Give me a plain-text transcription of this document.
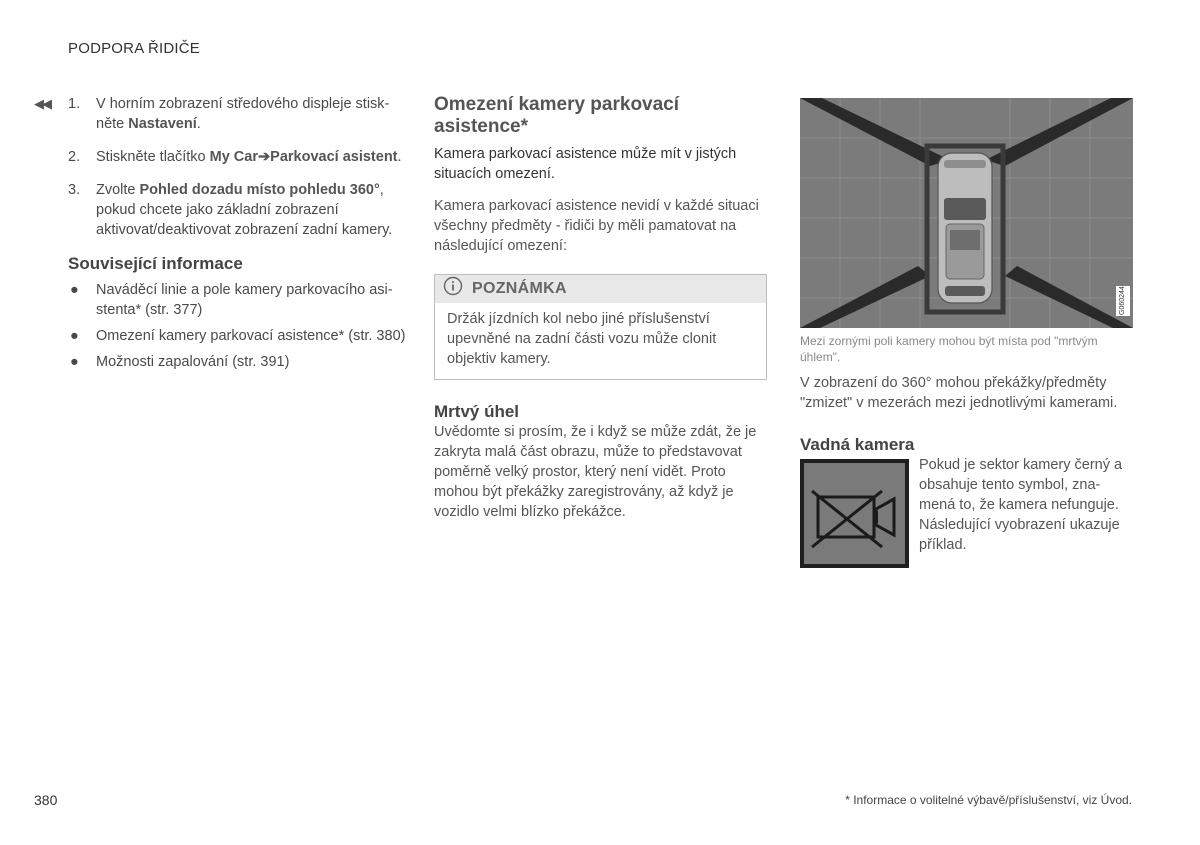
PODPORA ŘIDIČE
◀◀ 1. V horním zobrazení středového displeje stisk-něte Nastavení.
2. Stiskněte tlačítko My Car➔Parkovací asistent.
3. Zvolte Pohled dozadu místo pohledu 360°, pokud chcete jako základní zobrazení aktivovat/deaktivovat zobrazení zadní kamery.
Související informace
● Naváděcí linie a pole kamery parkovacího asi-stenta* (str. 377)
● Omezení kamery parkovací asistence* (str. 380)
● Možnosti zapalování (str. 391)
Omezení kamery parkovací asistence*

Kamera parkovací asistence může mít v jistých situacích omezení.

Kamera parkovací asistence nevidí v každé situaci všechny předměty - řidiči by měli pamatovat na následující omezení:

POZNÁMKA
Držák jízdních kol nebo jiné příslušenství upevněné na zadní části vozu může clonit objektiv kamery.
Mrtvý úhel

Uvědomte si prosím, že i když se může zdát, že je zakryta malá část obrazu, může to představovat poměrně velký prostor, který není vidět. Proto mohou být překážky zaregistrovány, až když je vozidlo velmi blízko překážce.

G060244
Mezi zornými poli kamery mohou být místa pod "mrtvým úhlem".

V zobrazení do 360° mohou překážky/předměty "zmizet" v mezerách mezi jednotlivými kamerami.

Vadná kamera

Pokud je sektor kamery černý a obsahuje tento symbol, zna-mená to, že kamera nefunguje. Následující vyobrazení ukazuje příklad.

380	* Informace o volitelné výbavě/příslušenství, viz Úvod.
